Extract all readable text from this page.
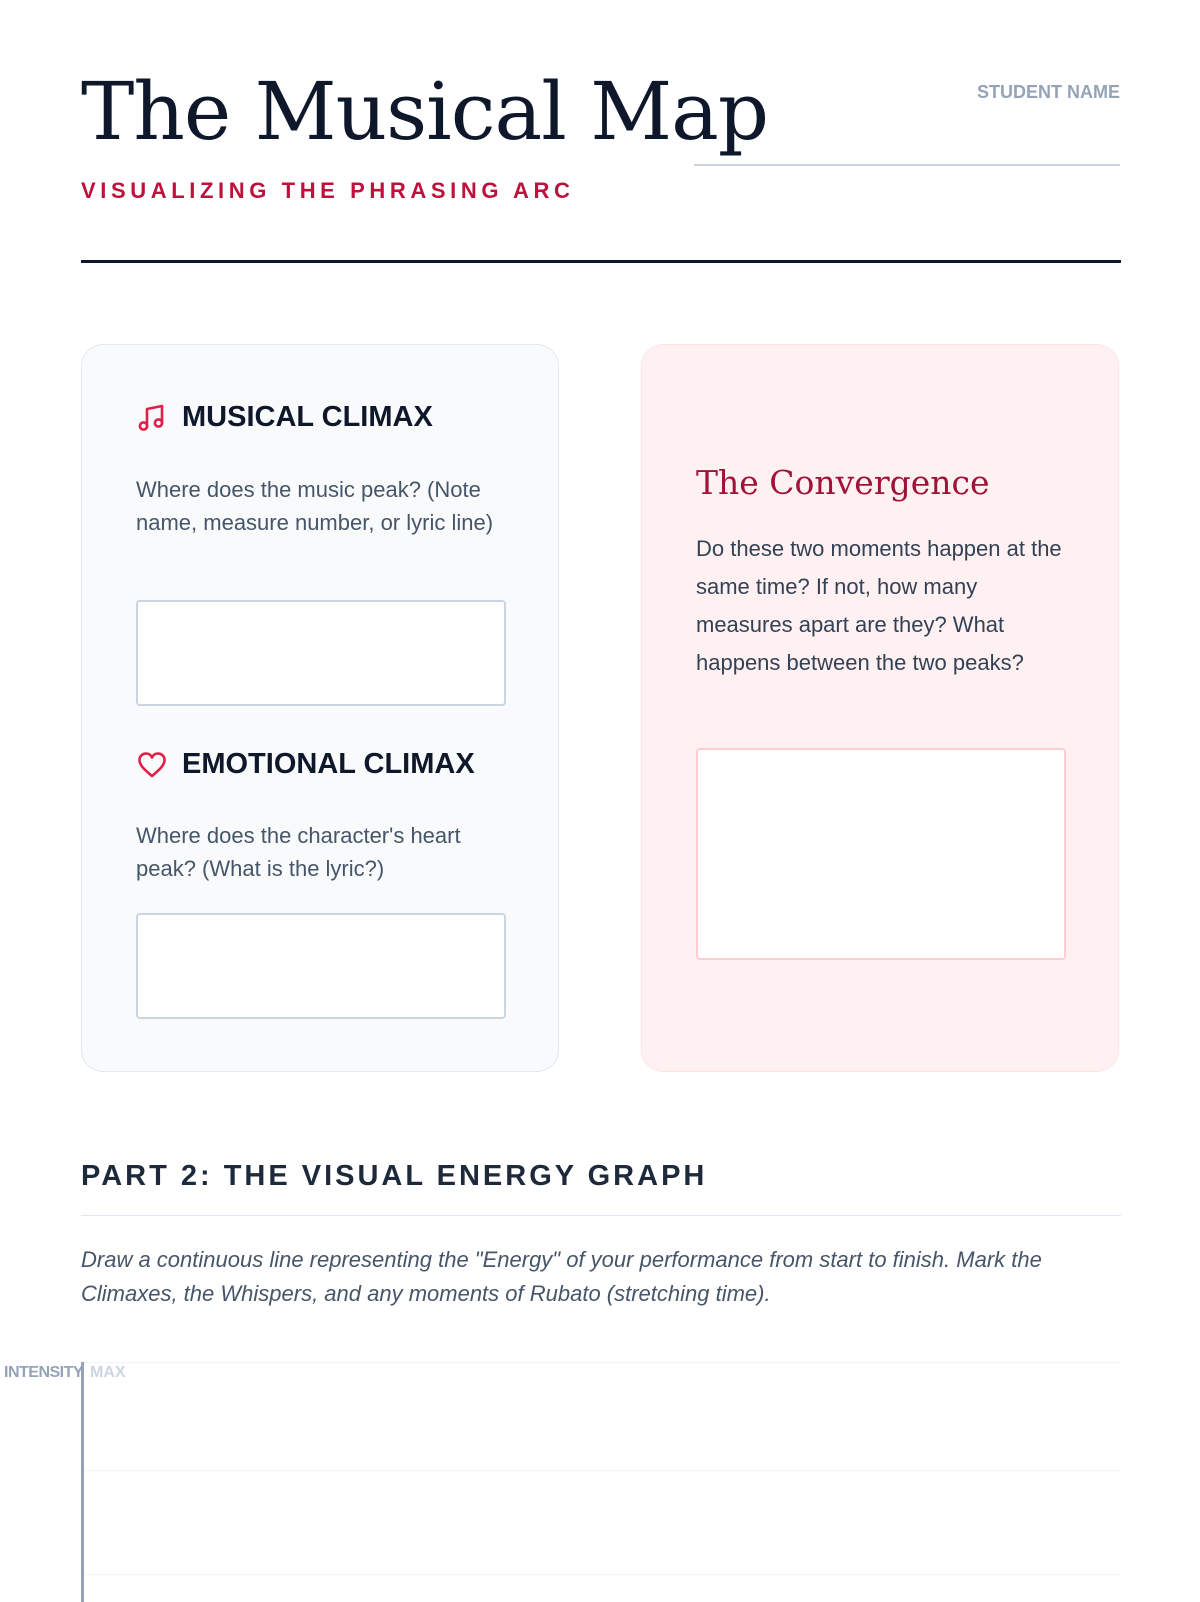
The Musical Map
VISUALIZING THE PHRASING ARC
STUDENT NAME
MUSICAL CLIMAX
Where does the music peak? (Note name, measure number, or lyric line)
EMOTIONAL CLIMAX
Where does the character's heart peak? (What is the lyric?)
The Convergence
Do these two moments happen at the same time? If not, how many measures apart are they? What happens between the two peaks?
PART 2: THE VISUAL ENERGY GRAPH
Draw a continuous line representing the "Energy" of your performance from start to finish. Mark the Climaxes, the Whispers, and any moments of Rubato (stretching time).
INTENSITY MAX
